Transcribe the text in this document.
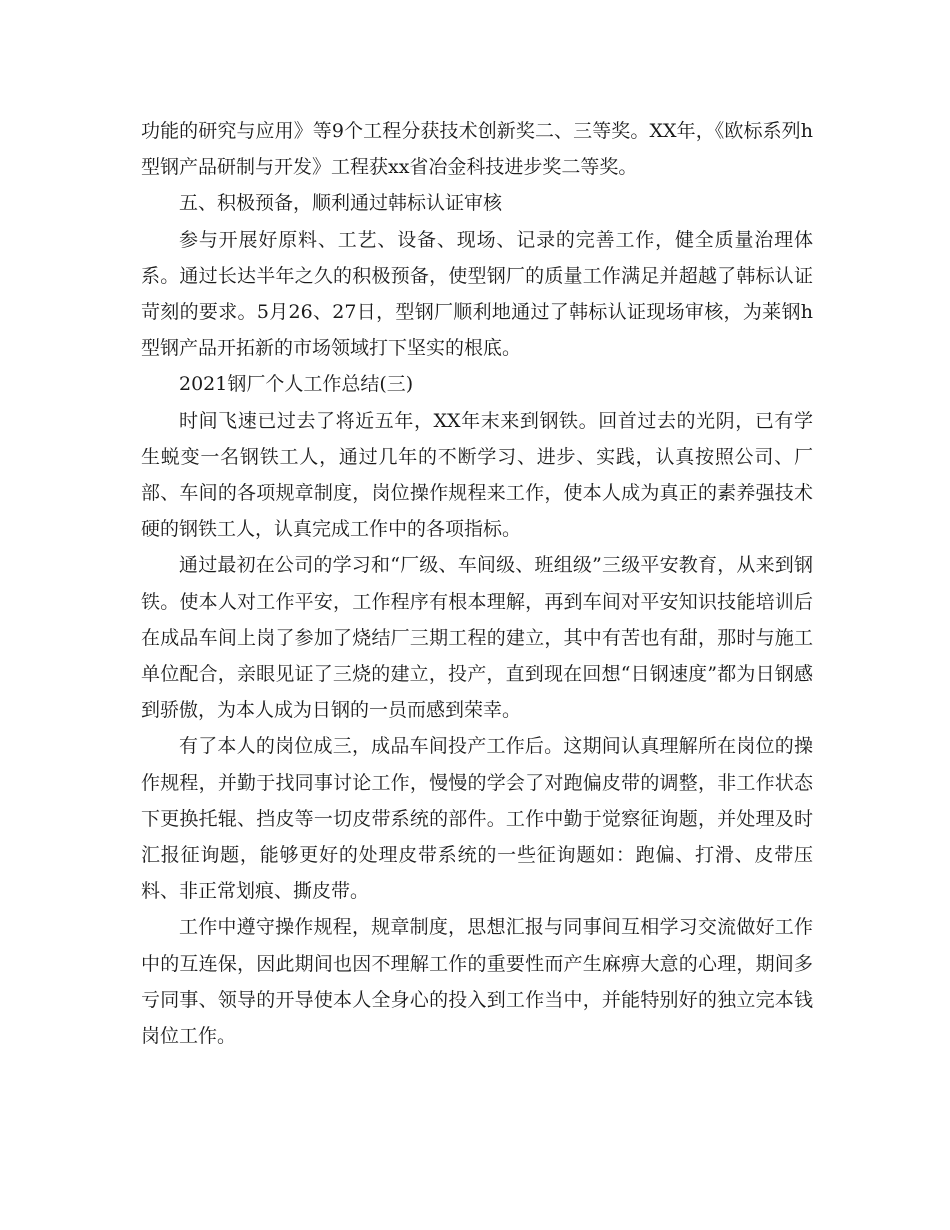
功能的研究与应用》等9个工程分获技术创新奖二、三等奖。XX年，《欧标系列h型钢产品研制与开发》工程获xx省冶金科技进步奖二等奖。

五、积极预备，顺利通过韩标认证审核

参与开展好原料、工艺、设备、现场、记录的完善工作，健全质量治理体系。通过长达半年之久的积极预备，使型钢厂的质量工作满足并超越了韩标认证苛刻的要求。5月26、27日，型钢厂顺利地通过了韩标认证现场审核，为莱钢h型钢产品开拓新的市场领域打下坚实的根底。

2021钢厂个人工作总结(三)

时间飞速已过去了将近五年，XX年末来到钢铁。回首过去的光阴，已有学生蜕变一名钢铁工人，通过几年的不断学习、进步、实践，认真按照公司、厂部、车间的各项规章制度，岗位操作规程来工作，使本人成为真正的素养强技术硬的钢铁工人，认真完成工作中的各项指标。

通过最初在公司的学习和“厂级、车间级、班组级”三级平安教育，从来到钢铁。使本人对工作平安，工作程序有根本理解，再到车间对平安知识技能培训后在成品车间上岗了参加了烧结厂三期工程的建立，其中有苦也有甜，那时与施工单位配合，亲眼见证了三烧的建立，投产，直到现在回想“日钢速度”都为日钢感到骄傲，为本人成为日钢的一员而感到荣幸。

有了本人的岗位成三，成品车间投产工作后。这期间认真理解所在岗位的操作规程，并勤于找同事讨论工作，慢慢的学会了对跑偏皮带的调整，非工作状态下更换托辊、挡皮等一切皮带系统的部件。工作中勤于觉察征询题，并处理及时汇报征询题，能够更好的处理皮带系统的一些征询题如：跑偏、打滑、皮带压料、非正常划痕、撕皮带。

工作中遵守操作规程，规章制度，思想汇报与同事间互相学习交流做好工作中的互连保，因此期间也因不理解工作的重要性而产生麻痹大意的心理，期间多亏同事、领导的开导使本人全身心的投入到工作当中，并能特别好的独立完本钱岗位工作。
